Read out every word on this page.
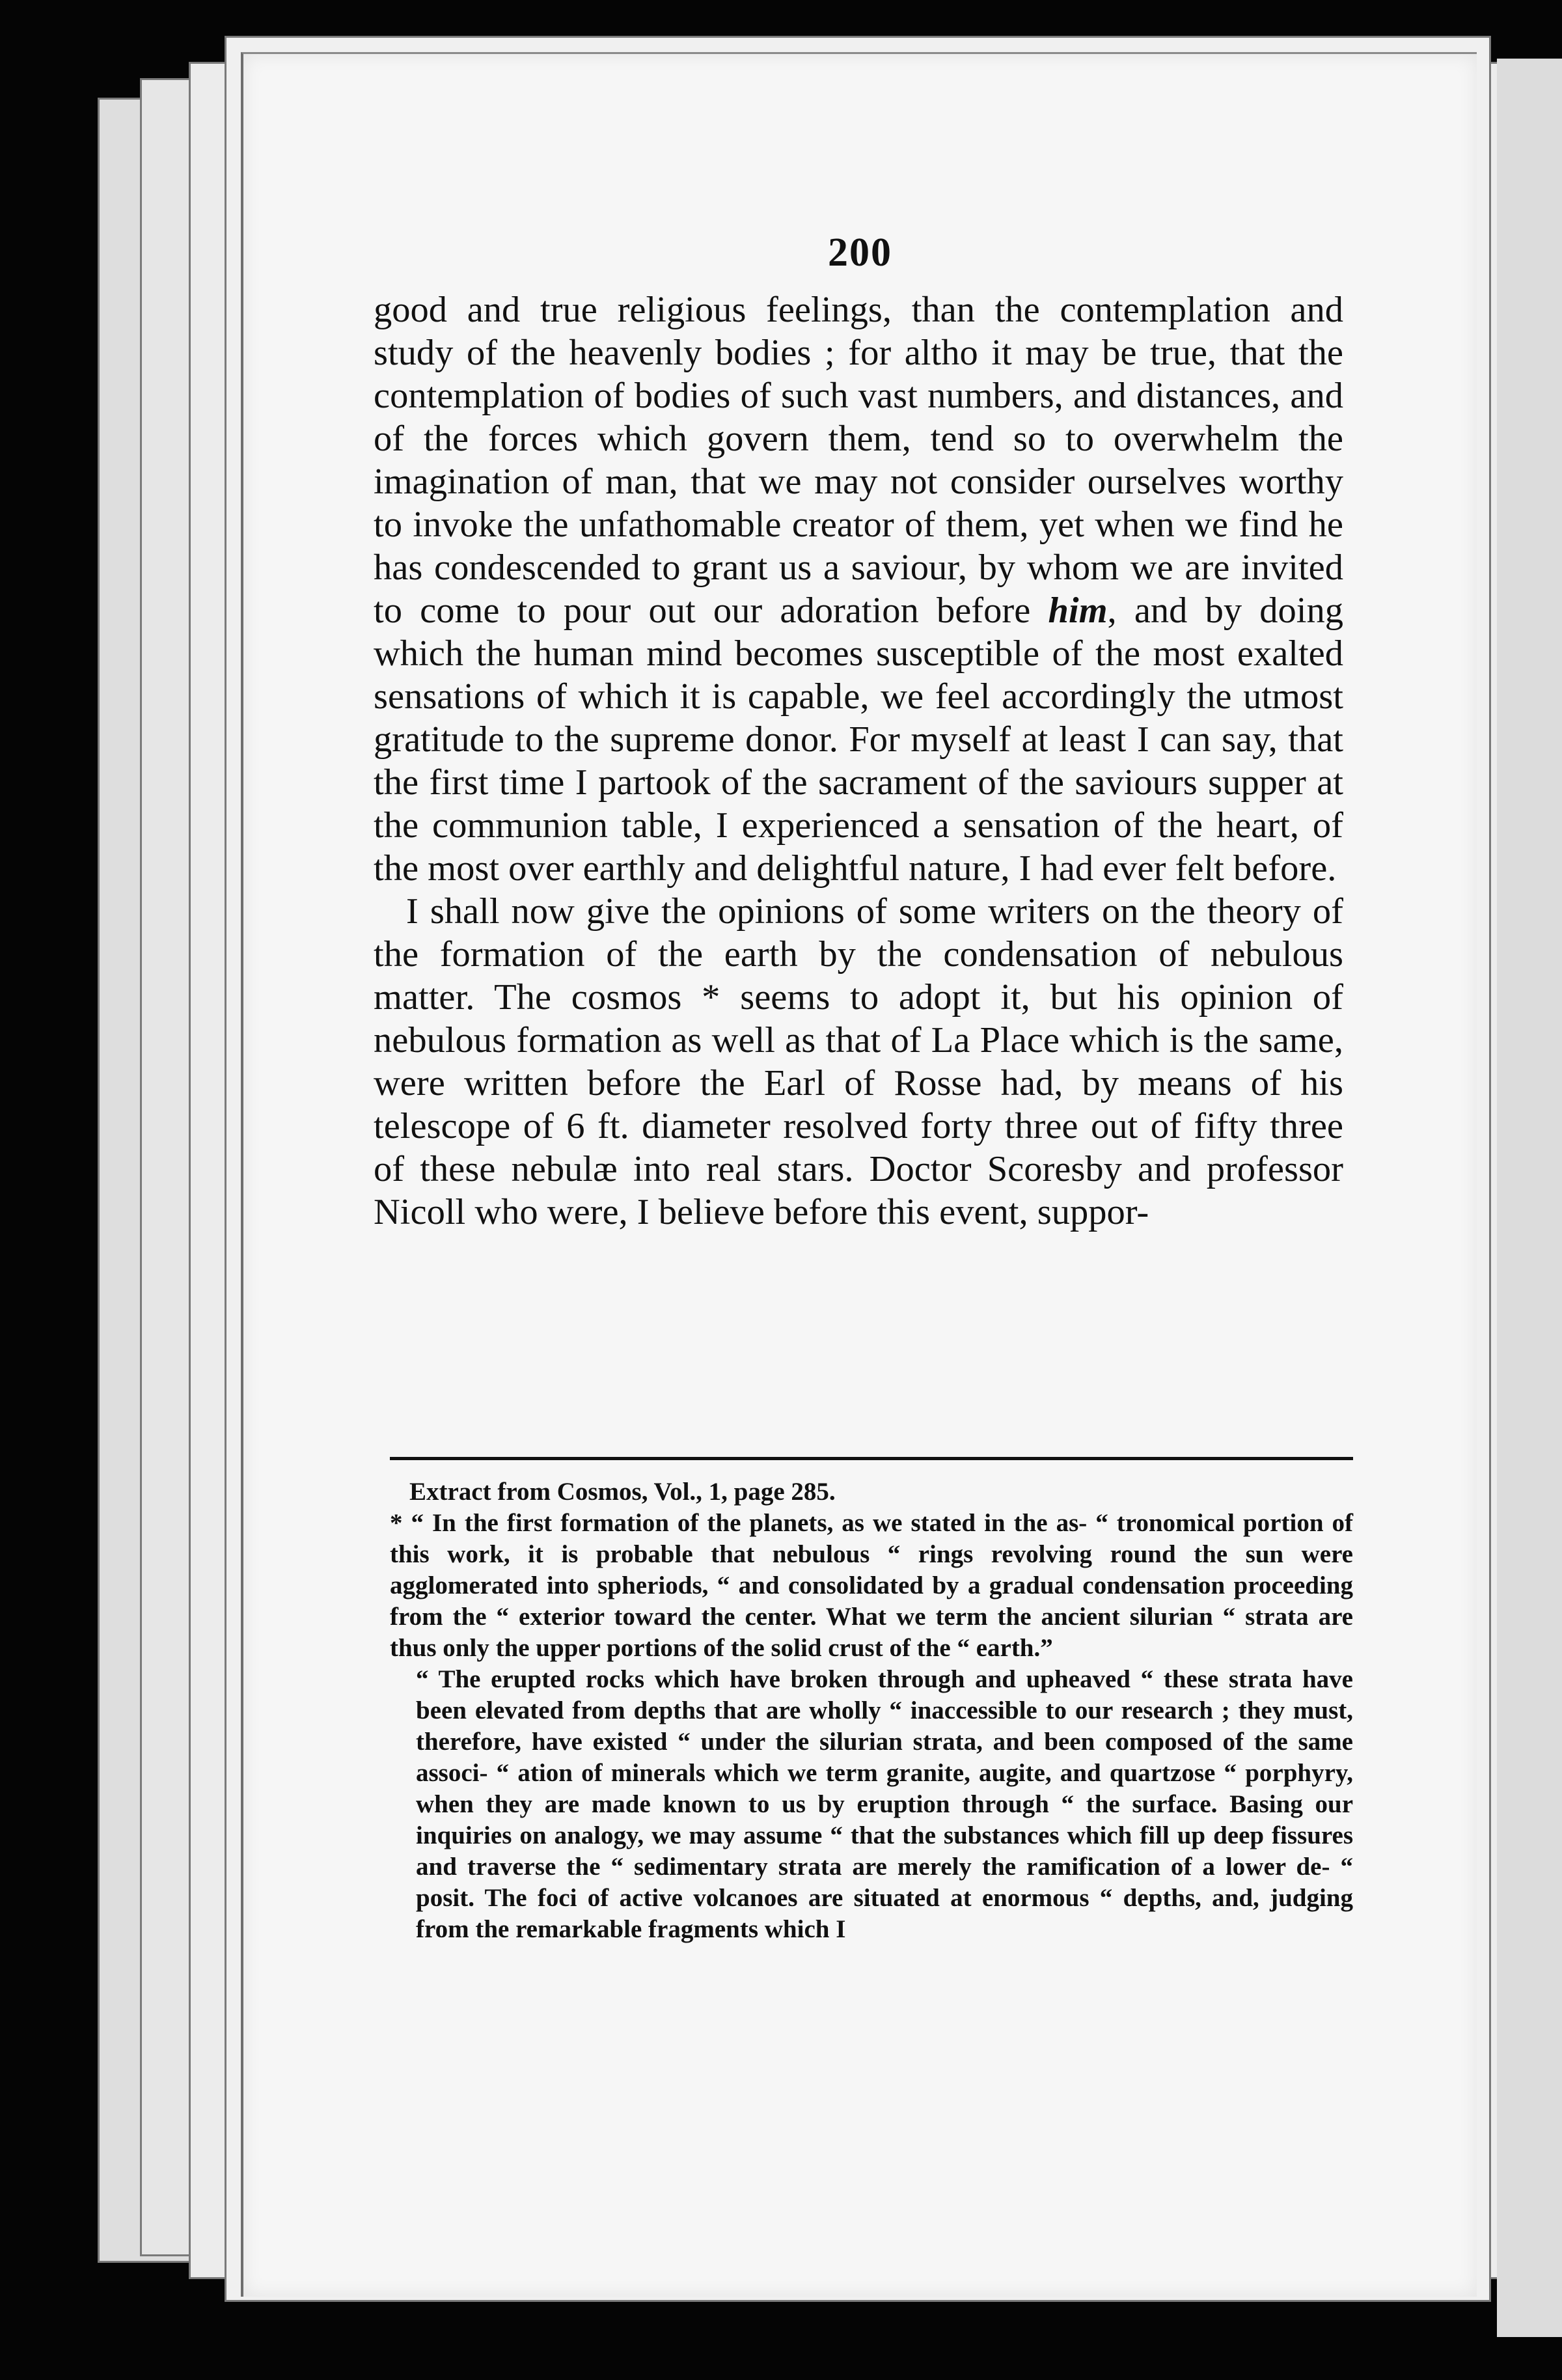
200

good and true religious feelings, than the contemplation and study of the heavenly bodies ; for altho it may be true, that the contemplation of bodies of such vast numbers, and distances, and of the forces which govern them, tend so to overwhelm the imagination of man, that we may not consider ourselves worthy to invoke the unfathomable creator of them, yet when we find he has condescended to grant us a saviour, by whom we are invited to come to pour out our adoration before him, and by doing which the human mind becomes susceptible of the most exalted sensations of which it is capable, we feel accordingly the utmost gratitude to the supreme donor. For myself at least I can say, that the first time I partook of the sacrament of the saviours supper at the communion table, I experienced a sensation of the heart, of the most over earthly and delightful nature, I had ever felt before.

I shall now give the opinions of some writers on the theory of the formation of the earth by the condensation of nebulous matter. The cosmos * seems to adopt it, but his opinion of nebulous formation as well as that of La Place which is the same, were written before the Earl of Rosse had, by means of his telescope of 6 ft. diameter resolved forty three out of fifty three of these nebulæ into real stars. Doctor Scoresby and professor Nicoll who were, I believe before this event, suppor-

Extract from Cosmos, Vol., 1, page 285.

* “ In the first formation of the planets, as we stated in the as- “ tronomical portion of this work, it is probable that nebulous “ rings revolving round the sun were agglomerated into spheriods, “ and consolidated by a gradual condensation proceeding from the “ exterior toward the center. What we term the ancient silurian “ strata are thus only the upper portions of the solid crust of the “ earth.”

“ The erupted rocks which have broken through and upheaved “ these strata have been elevated from depths that are wholly “ inaccessible to our research ; they must, therefore, have existed “ under the silurian strata, and been composed of the same associ- “ ation of minerals which we term granite, augite, and quartzose “ porphyry, when they are made known to us by eruption through “ the surface. Basing our inquiries on analogy, we may assume “ that the substances which fill up deep fissures and traverse the “ sedimentary strata are merely the ramification of a lower de- “ posit. The foci of active volcanoes are situated at enormous “ depths, and, judging from the remarkable fragments which I
